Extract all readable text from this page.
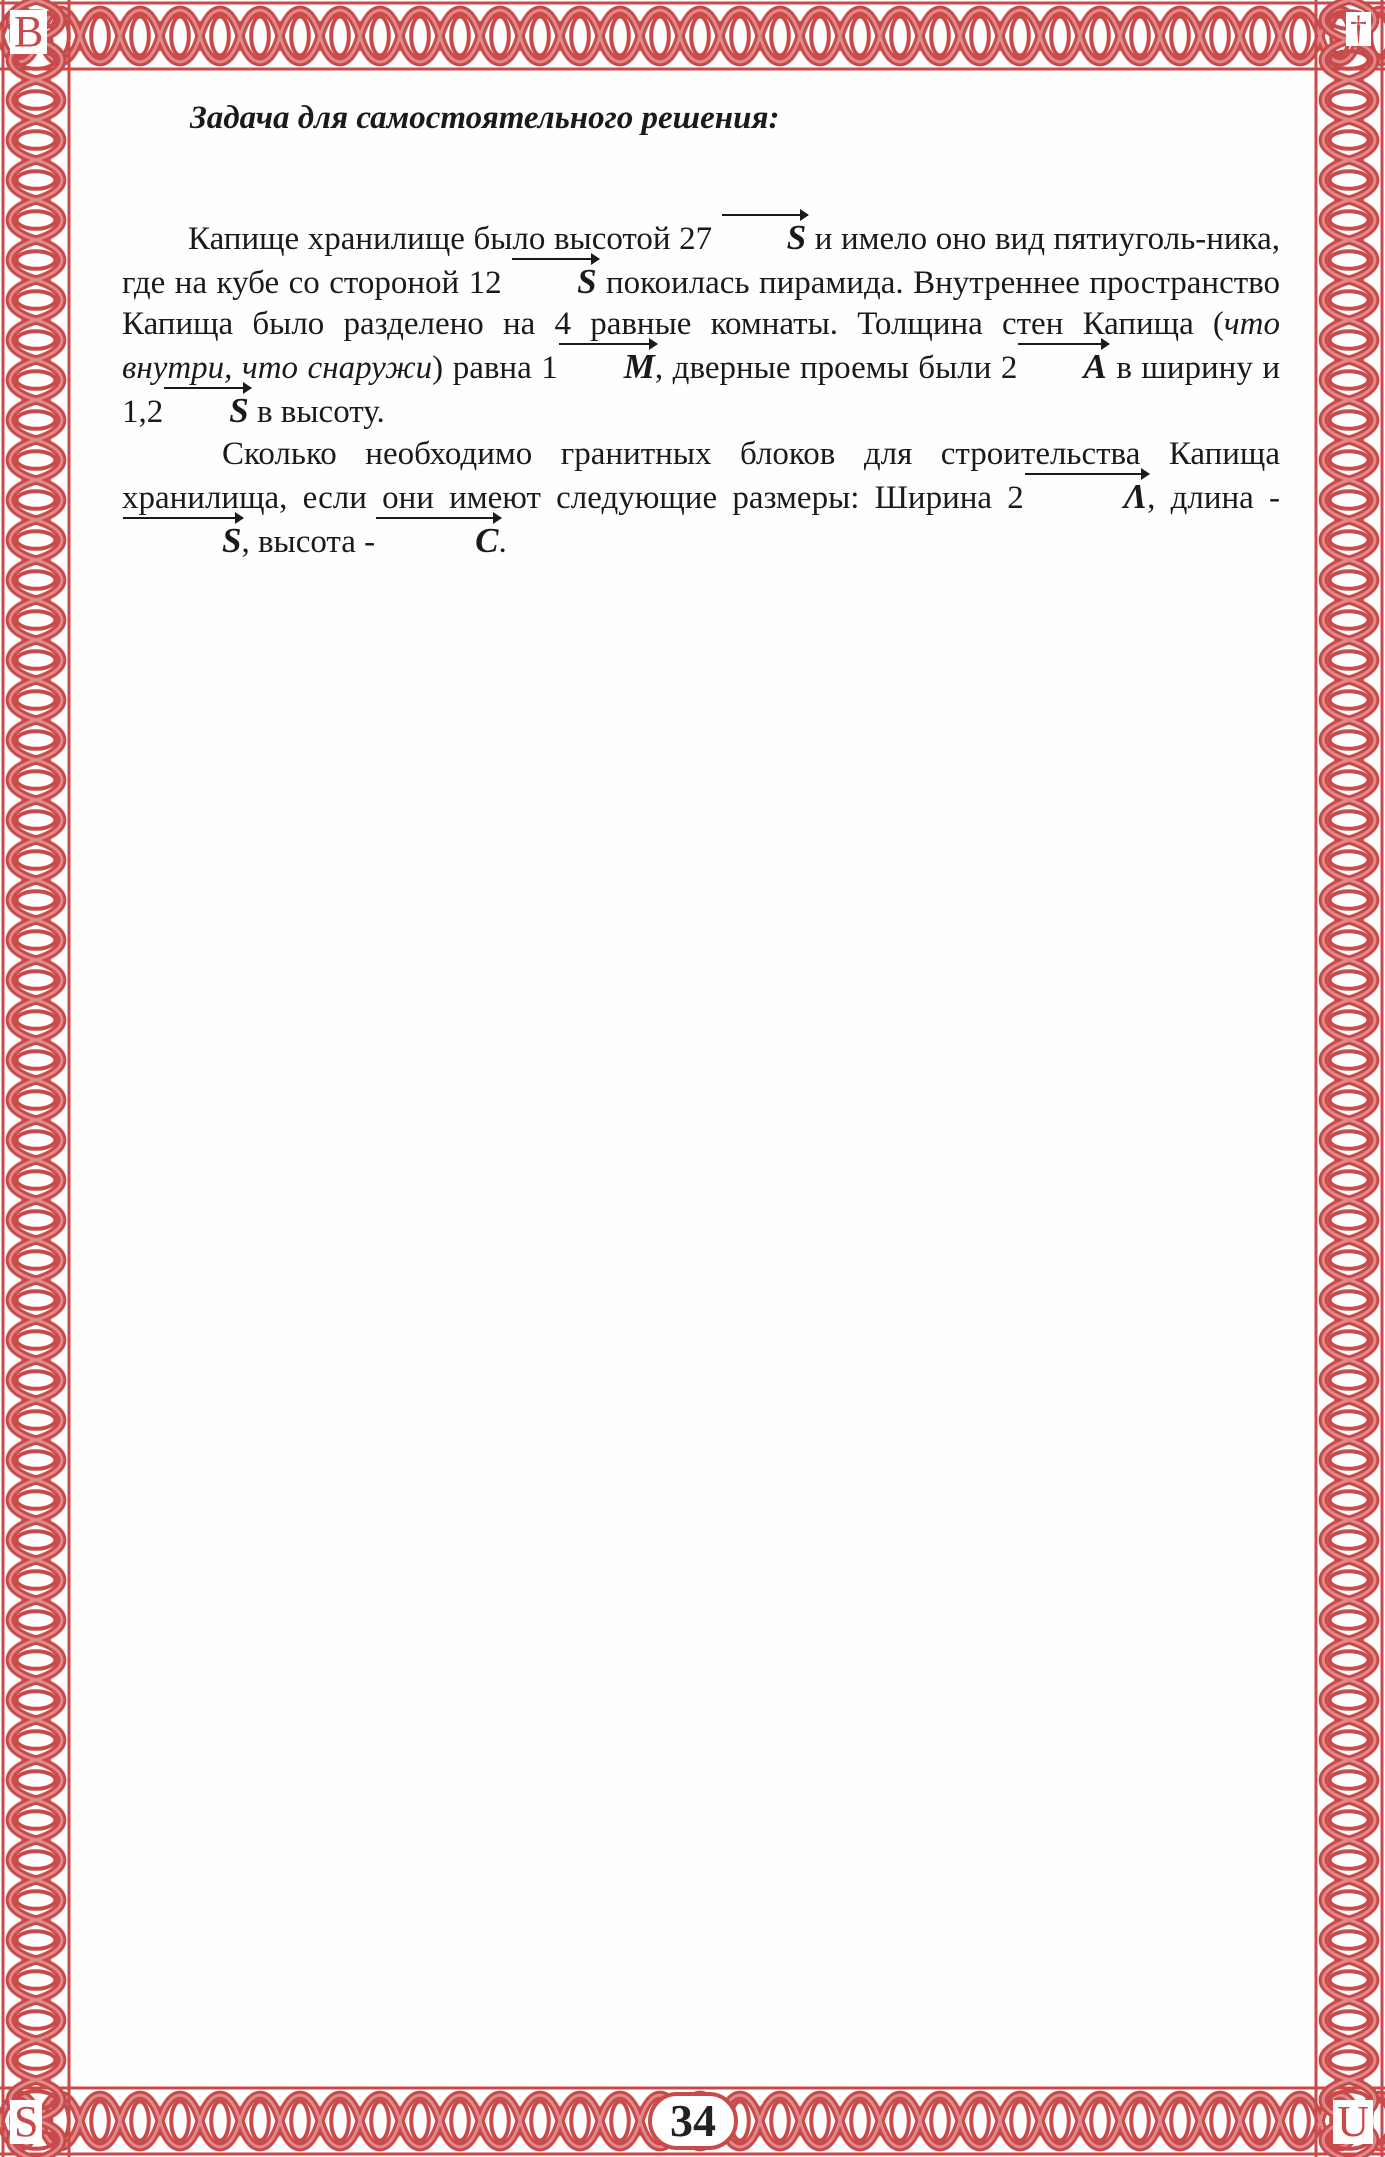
B	†
S	U
Задача для самостоятельного решения:

Капище хранилище было высотой 27 S и имело оно вид пятиуголь-ника, где на кубе со стороной 12 S покоилась пирамида. Внутреннее пространство Капища было разделено на 4 равные комнаты. Толщина стен Капища (что внутри, что снаружи) равна 1 M, дверные проемы были 2 A в ширину и 1,2 S в высоту.

Сколько необходимо гранитных блоков для строительства Капища хранилища, если они имеют следующие размеры: Ширина 2	Λ, длина -S, высота -	C.

34
